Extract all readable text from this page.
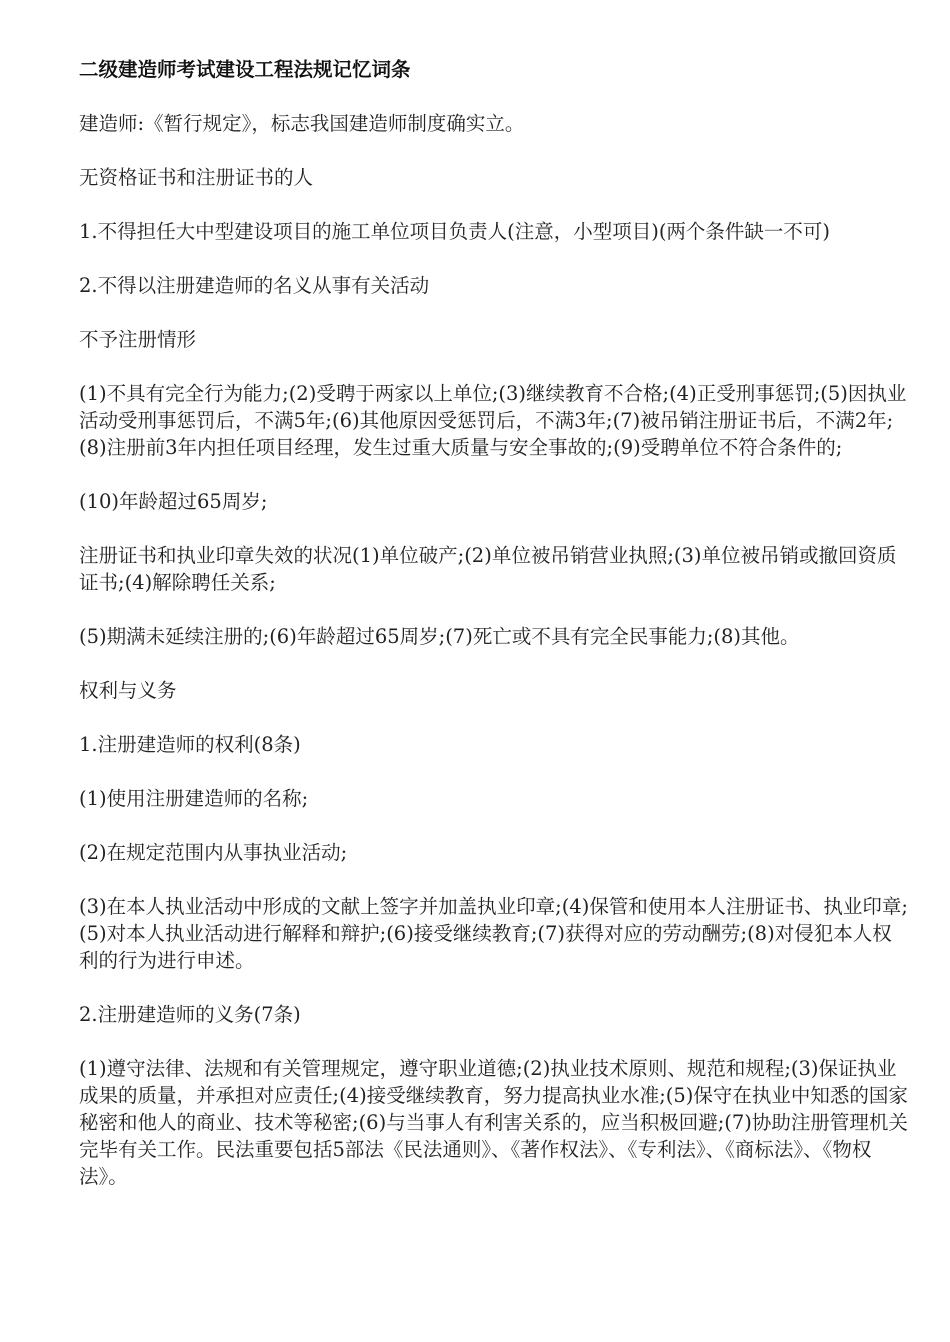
二级建造师考试建设工程法规记忆词条

建造师:《暂行规定》，标志我国建造师制度确实立。

无资格证书和注册证书的人

1.不得担任大中型建设项目的施工单位项目负责人(注意，小型项目)(两个条件缺一不可)

2.不得以注册建造师的名义从事有关活动

不予注册情形

(1)不具有完全行为能力;(2)受聘于两家以上单位;(3)继续教育不合格;(4)正受刑事惩罚;(5)因执业活动受刑事惩罚后，不满5年;(6)其他原因受惩罚后，不满3年;(7)被吊销注册证书后，不满2年;(8)注册前3年内担任项目经理，发生过重大质量与安全事故的;(9)受聘单位不符合条件的;

(10)年龄超过65周岁;

注册证书和执业印章失效的状况(1)单位破产;(2)单位被吊销营业执照;(3)单位被吊销或撤回资质证书;(4)解除聘任关系;

(5)期满未延续注册的;(6)年龄超过65周岁;(7)死亡或不具有完全民事能力;(8)其他。

权利与义务

1.注册建造师的权利(8条)

(1)使用注册建造师的名称;

(2)在规定范围内从事执业活动;

(3)在本人执业活动中形成的文献上签字并加盖执业印章;(4)保管和使用本人注册证书、执业印章;(5)对本人执业活动进行解释和辩护;(6)接受继续教育;(7)获得对应的劳动酬劳;(8)对侵犯本人权利的行为进行申述。

2.注册建造师的义务(7条)

(1)遵守法律、法规和有关管理规定，遵守职业道德;(2)执业技术原则、规范和规程;(3)保证执业成果的质量，并承担对应责任;(4)接受继续教育，努力提高执业水准;(5)保守在执业中知悉的国家秘密和他人的商业、技术等秘密;(6)与当事人有利害关系的，应当积极回避;(7)协助注册管理机关完毕有关工作。民法重要包括5部法《民法通则》、《著作权法》、《专利法》、《商标法》、《物权法》。
